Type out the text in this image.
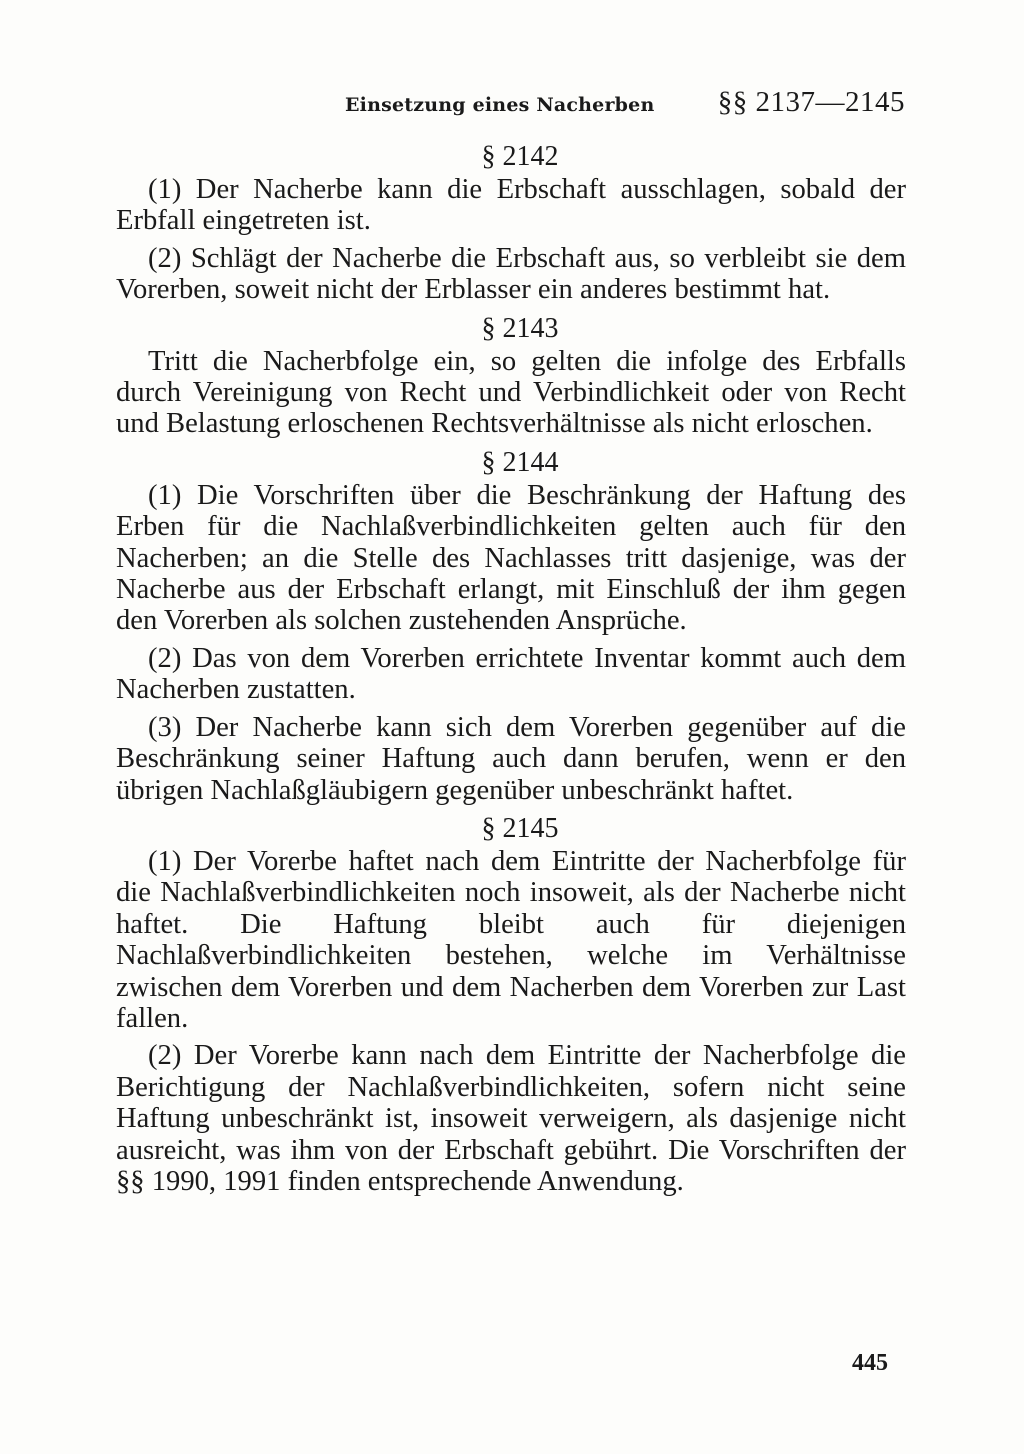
Einsetzung eines Nacherben §§ 2137—2145
§ 2142

(1) Der Nacherbe kann die Erbschaft ausschlagen, sobald der Erbfall eingetreten ist.

(2) Schlägt der Nacherbe die Erbschaft aus, so verbleibt sie dem Vorerben, soweit nicht der Erblasser ein anderes bestimmt hat.

§ 2143

Tritt die Nacherbfolge ein, so gelten die infolge des Erbfalls durch Vereinigung von Recht und Verbindlichkeit oder von Recht und Belastung erloschenen Rechtsverhältnisse als nicht erloschen.

§ 2144

(1) Die Vorschriften über die Beschränkung der Haftung des Erben für die Nachlaßverbindlichkeiten gelten auch für den Nacherben; an die Stelle des Nachlasses tritt dasjenige, was der Nacherbe aus der Erbschaft erlangt, mit Einschluß der ihm gegen den Vorerben als solchen zustehenden Ansprüche.

(2) Das von dem Vorerben errichtete Inventar kommt auch dem Nacherben zustatten.

(3) Der Nacherbe kann sich dem Vorerben gegenüber auf die Beschränkung seiner Haftung auch dann berufen, wenn er den übrigen Nachlaßgläubigern gegenüber unbeschränkt haftet.

§ 2145

(1) Der Vorerbe haftet nach dem Eintritte der Nacherbfolge für die Nachlaßverbindlichkeiten noch insoweit, als der Nacherbe nicht haftet. Die Haftung bleibt auch für diejenigen Nachlaßverbindlichkeiten bestehen, welche im Verhältnisse zwischen dem Vorerben und dem Nacherben dem Vorerben zur Last fallen.

(2) Der Vorerbe kann nach dem Eintritte der Nacherbfolge die Berichtigung der Nachlaßverbindlichkeiten, sofern nicht seine Haftung unbeschränkt ist, insoweit verweigern, als dasjenige nicht ausreicht, was ihm von der Erbschaft gebührt. Die Vorschriften der §§ 1990, 1991 finden entsprechende Anwendung.

445
